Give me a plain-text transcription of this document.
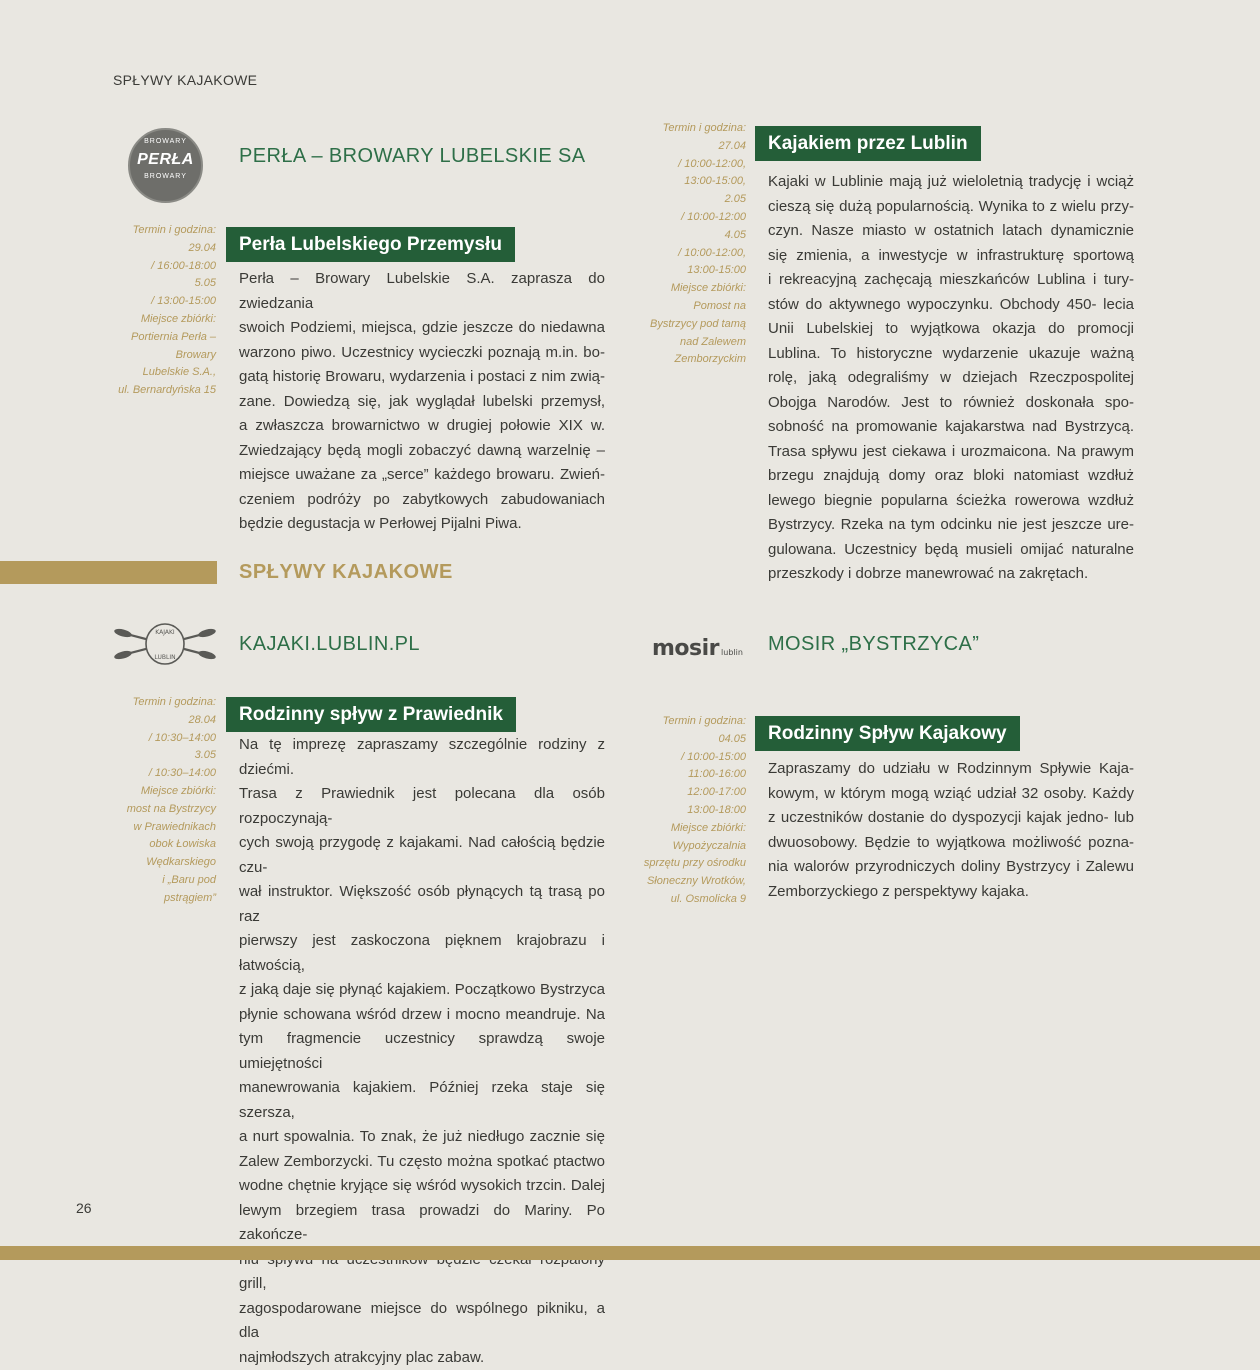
SPŁYWY KAJAKOWE
BROWARY
PERŁA
BROWARY
PERŁA – BROWARY LUBELSKIE SA
Termin i godzina:
29.04
/ 16:00-18:00
5.05
/ 13:00-15:00
Miejsce zbiórki:
Portiernia Perła –
Browary
Lubelskie S.A.,
ul. Bernardyńska 15
Perła Lubelskiego Przemysłu
Perła – Browary Lubelskie S.A. zaprasza do zwiedzania
swoich Podziemi, miejsca, gdzie jeszcze do niedawna
warzono piwo. Uczestnicy wycieczki poznają m.in. bo-
gatą historię Browaru, wydarzenia i postaci z nim zwią-
zane. Dowiedzą się, jak wyglądał lubelski przemysł,
a zwłaszcza browarnictwo w drugiej połowie XIX w.
Zwiedzający będą mogli zobaczyć dawną warzelnię –
miejsce uważane za „serce” każdego browaru. Zwień-
czeniem podróży po zabytkowych zabudowaniach
będzie degustacja w Perłowej Pijalni Piwa.
SPŁYWY KAJAKOWE
KAJAKI
LUBLIN
KAJAKI.LUBLIN.PL
Termin i godzina:
28.04
/ 10:30–14:00
3.05
/ 10:30–14:00
Miejsce zbiórki:
most na Bystrzycy
w Prawiednikach
obok Łowiska
Wędkarskiego
i „Baru pod
pstrągiem”
Rodzinny spływ z Prawiednik
Na tę imprezę zapraszamy szczególnie rodziny z dziećmi.
Trasa z Prawiednik jest polecana dla osób rozpoczynają-
cych swoją przygodę z kajakami. Nad całością będzie czu-
wał instruktor. Większość osób płynących tą trasą po raz
pierwszy jest zaskoczona pięknem krajobrazu i łatwością,
z jaką daje się płynąć kajakiem. Początkowo Bystrzyca
płynie schowana wśród drzew i mocno meandruje. Na
tym fragmencie uczestnicy sprawdzą swoje umiejętności
manewrowania kajakiem. Później rzeka staje się szersza,
a nurt spowalnia. To znak, że już niedługo zacznie się
Zalew Zemborzycki. Tu często można spotkać ptactwo
wodne chętnie kryjące się wśród wysokich trzcin. Dalej
lewym brzegiem trasa prowadzi do Mariny. Po zakończe-
grill,
zagospodarowane miejsce do wspólnego pikniku, a dla
najmłodszych atrakcyjny plac zabaw.
Termin i godzina:
27.04
/ 10:00-12:00,
13:00-15:00,
2.05
/ 10:00-12:00
4.05
/ 10:00-12:00,
13:00-15:00
Miejsce zbiórki:
Pomost na
Bystrzycy pod tamą
nad Zalewem
Zemborzyckim
Kajakiem przez Lublin
Kajaki w Lublinie mają już wieloletnią tradycję i wciąż
cieszą się dużą popularnością. Wynika to z wielu przy-
czyn. Nasze miasto w ostatnich latach dynamicznie
się zmienia, a inwestycje w infrastrukturę sportową
i rekreacyjną zachęcają mieszkańców Lublina i tury-
stów do aktywnego wypoczynku. Obchody 450- lecia
Unii Lubelskiej to wyjątkowa okazja do promocji
Lublina. To historyczne wydarzenie ukazuje ważną
rolę, jaką odegraliśmy w dziejach Rzeczpospolitej
Obojga Narodów. Jest to również doskonała spo-
sobność na promowanie kajakarstwa nad Bystrzycą.
Trasa spływu jest ciekawa i urozmaicona. Na prawym
brzegu znajdują domy oraz bloki natomiast wzdłuż
lewego biegnie popularna ścieżka rowerowa wzdłuż
Bystrzycy. Rzeka na tym odcinku nie jest jeszcze ure-
gulowana. Uczestnicy będą musieli omijać naturalne
przeszkody i dobrze manewrować na zakrętach.
mosir lublin MOSIR „BYSTRZYCA”
Termin i godzina:
04.05
/ 10:00-15:00
11:00-16:00
12:00-17:00
13:00-18:00
Miejsce zbiórki:
Wypożyczalnia
sprzętu przy ośrodku
Słoneczny Wrotków,
ul. Osmolicka 9
Rodzinny Spływ Kajakowy
Zapraszamy do udziału w Rodzinnym Spływie Kaja-
kowym, w którym mogą wziąć udział 32 osoby. Każdy
z uczestników dostanie do dyspozycji kajak jedno- lub
dwuosobowy. Będzie to wyjątkowa możliwość pozna-
nia walorów przyrodniczych doliny Bystrzycy i Zalewu
Zemborzyckiego z perspektywy kajaka.
26
